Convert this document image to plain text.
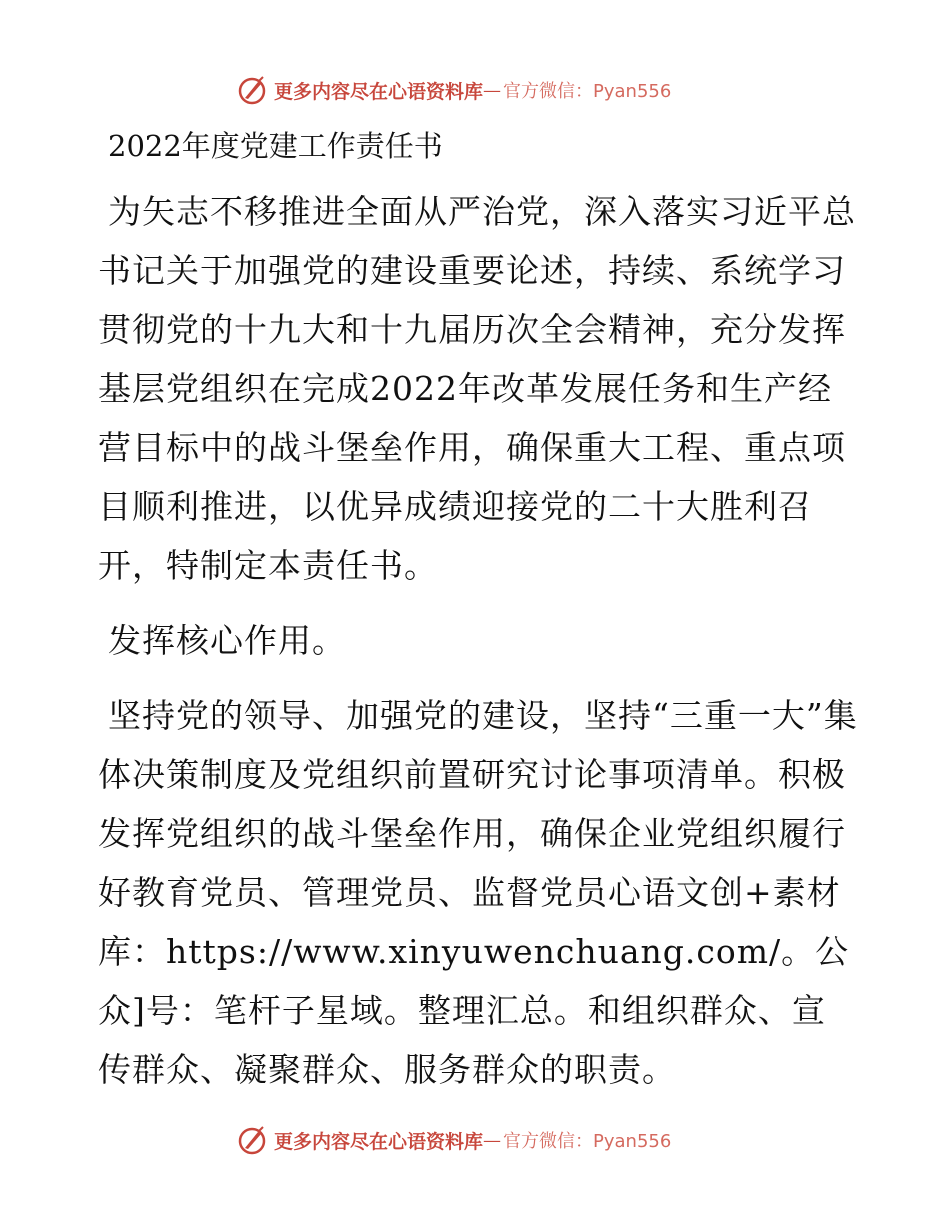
更多内容尽在心语资料库 — 官方微信：Pyan556
2022年度党建工作责任书

为矢志不移推进全面从严治党，深入落实习近平总书记关于加强党的建设重要论述，持续、系统学习贯彻党的十九大和十九届历次全会精神，充分发挥基层党组织在完成2022年改革发展任务和生产经营目标中的战斗堡垒作用，确保重大工程、重点项目顺利推进，以优异成绩迎接党的二十大胜利召开，特制定本责任书。

发挥核心作用。

坚持党的领导、加强党的建设，坚持“三重一大”集体决策制度及党组织前置研究讨论事项清单。积极发挥党组织的战斗堡垒作用，确保企业党组织履行好教育党员、管理党员、监督党员心语文创+素材库：https://www.xinyuwenchuang.com/。公众]号：笔杆子星域。整理汇总。和组织群众、宣传群众、凝聚群众、服务群众的职责。

更多内容尽在心语资料库 — 官方微信：Pyan556
